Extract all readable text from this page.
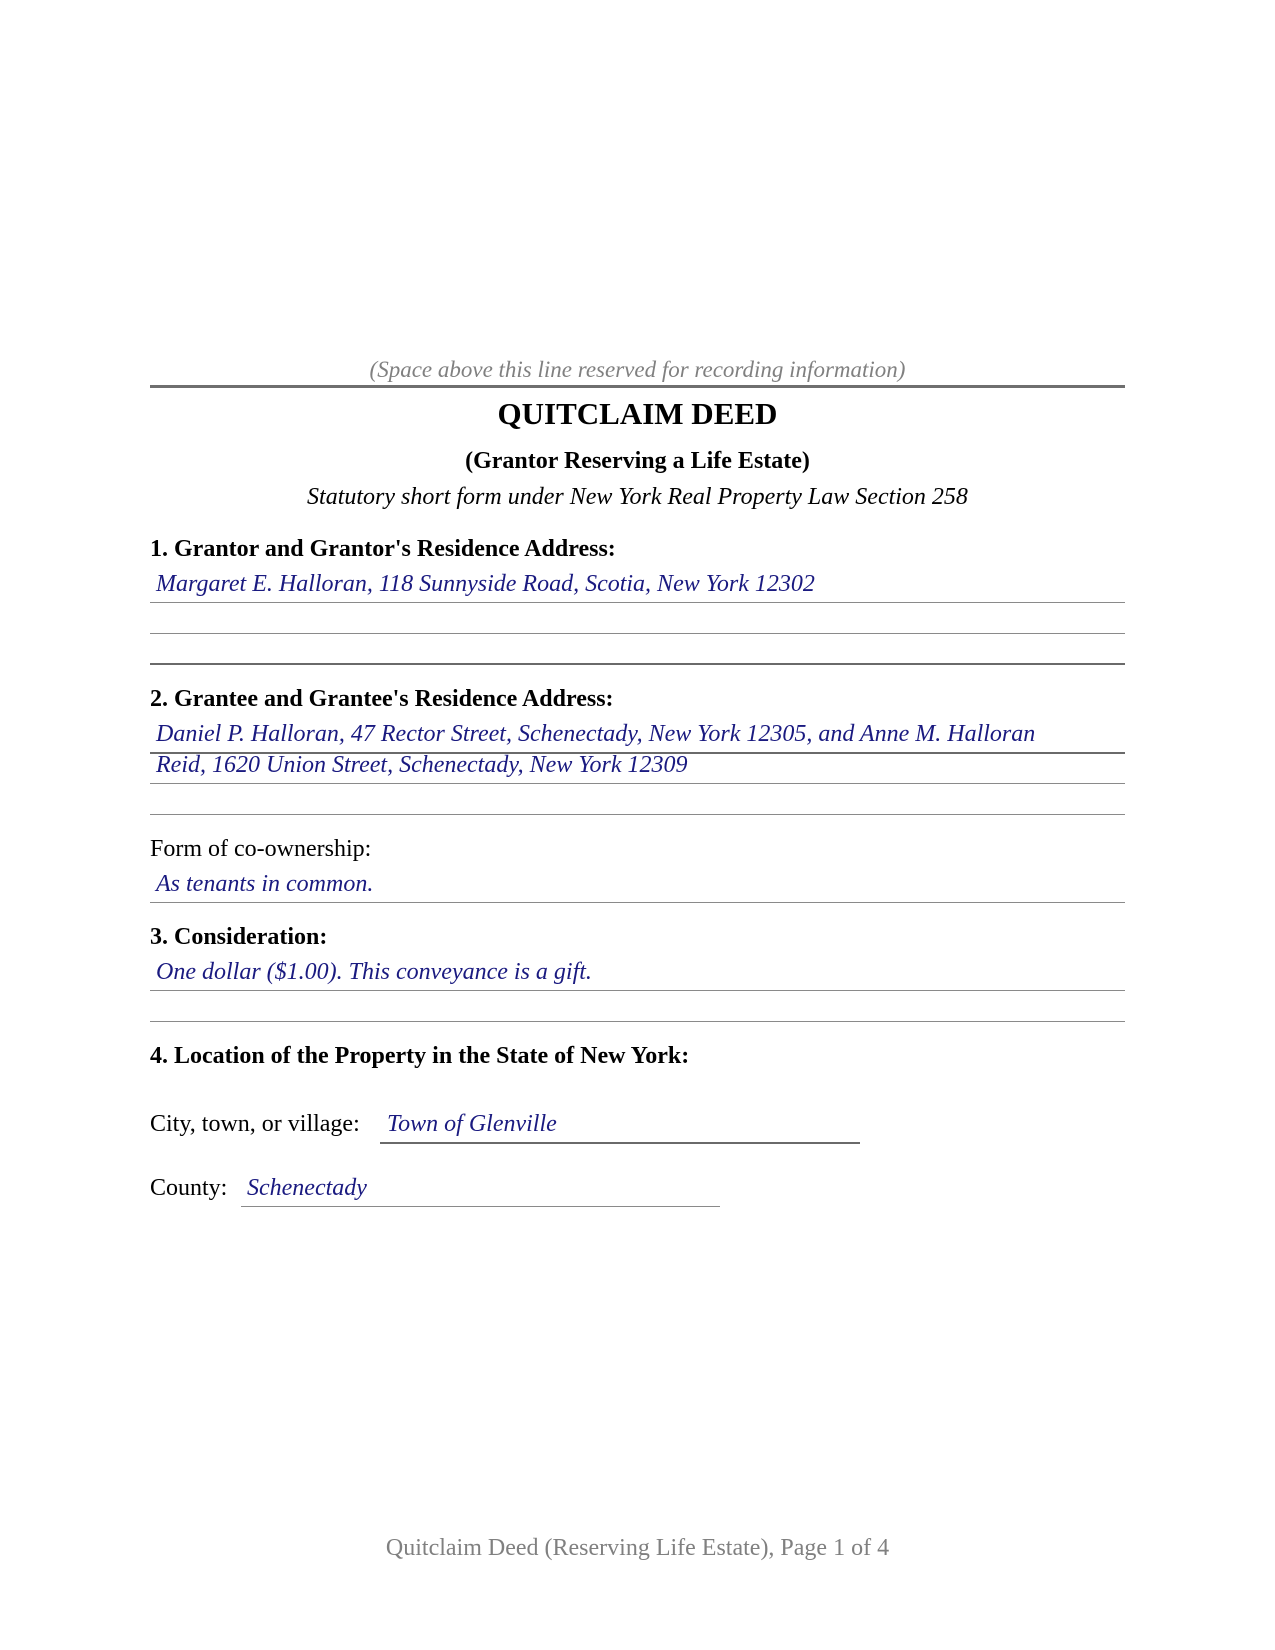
(Space above this line reserved for recording information)
QUITCLAIM DEED
(Grantor Reserving a Life Estate)
Statutory short form under New York Real Property Law Section 258
1. Grantor and Grantor's Residence Address:
Margaret E. Halloran, 118 Sunnyside Road, Scotia, New York 12302
2. Grantee and Grantee's Residence Address:
Daniel P. Halloran, 47 Rector Street, Schenectady, New York 12305, and Anne M. Halloran
Reid, 1620 Union Street, Schenectady, New York 12309
Form of co-ownership:
As tenants in common.
3. Consideration:
One dollar ($1.00). This conveyance is a gift.
4. Location of the Property in the State of New York:
City, town, or village: Town of Glenville
County: Schenectady
Quitclaim Deed (Reserving Life Estate), Page 1 of 4
